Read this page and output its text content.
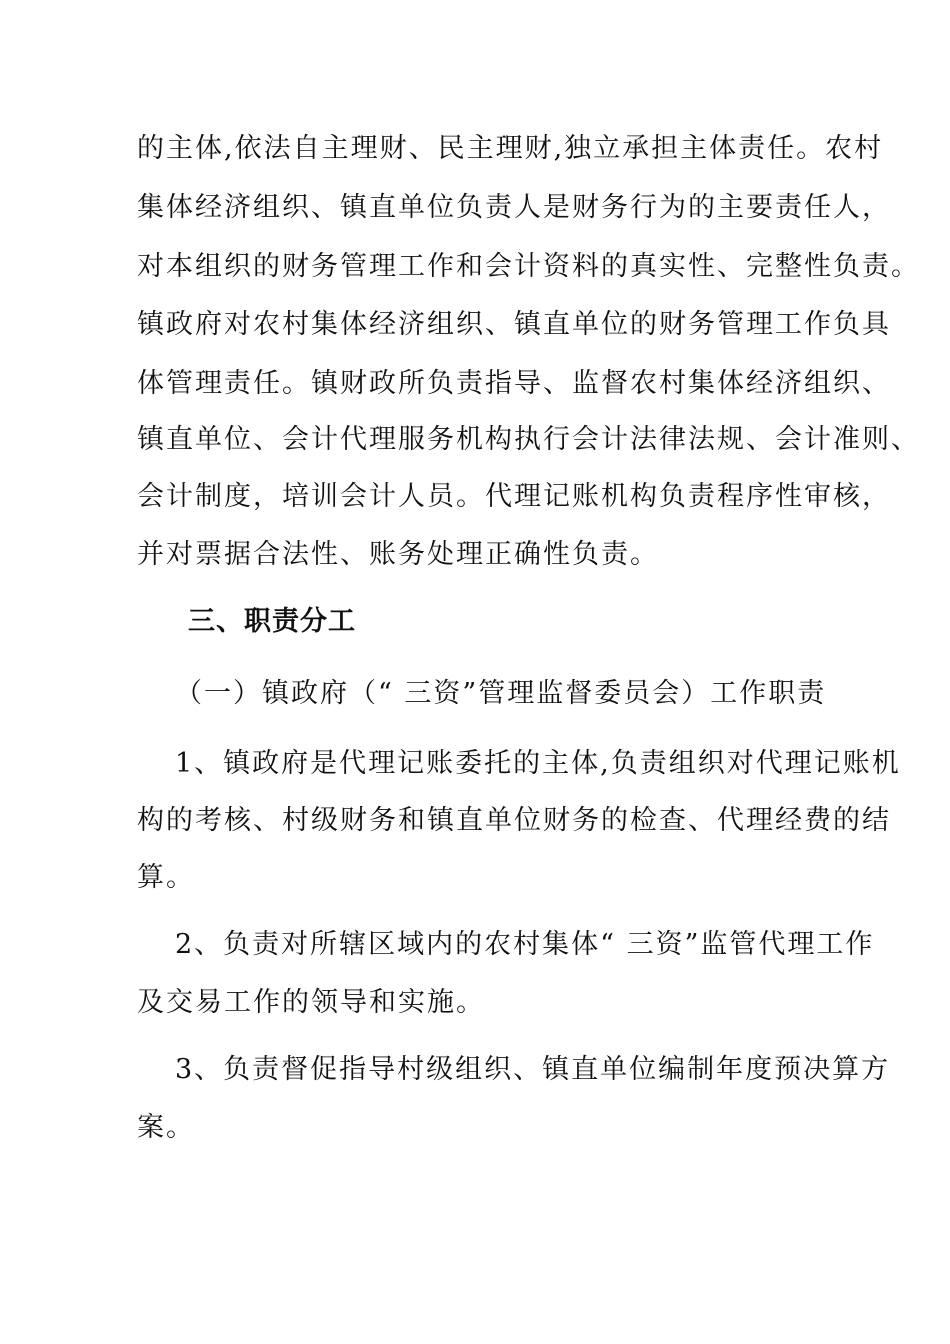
的主体,依法自主理财、民主理财,独立承担主体责任。农村
集体经济组织、镇直单位负责人是财务行为的主要责任人，
对本组织的财务管理工作和会计资料的真实性、完整性负责。
镇政府对农村集体经济组织、镇直单位的财务管理工作负具
体管理责任。镇财政所负责指导、监督农村集体经济组织、
镇直单位、会计代理服务机构执行会计法律法规、会计准则、
会计制度，培训会计人员。代理记账机构负责程序性审核，
并对票据合法性、账务处理正确性负责。
三、职责分工
（一）镇政府（“ 三资”管理监督委员会）工作职责
1、镇政府是代理记账委托的主体,负责组织对代理记账机
构的考核、村级财务和镇直单位财务的检查、代理经费的结
算。
2、负责对所辖区域内的农村集体“ 三资”监管代理工作
及交易工作的领导和实施。
3、负责督促指导村级组织、镇直单位编制年度预决算方
案。
